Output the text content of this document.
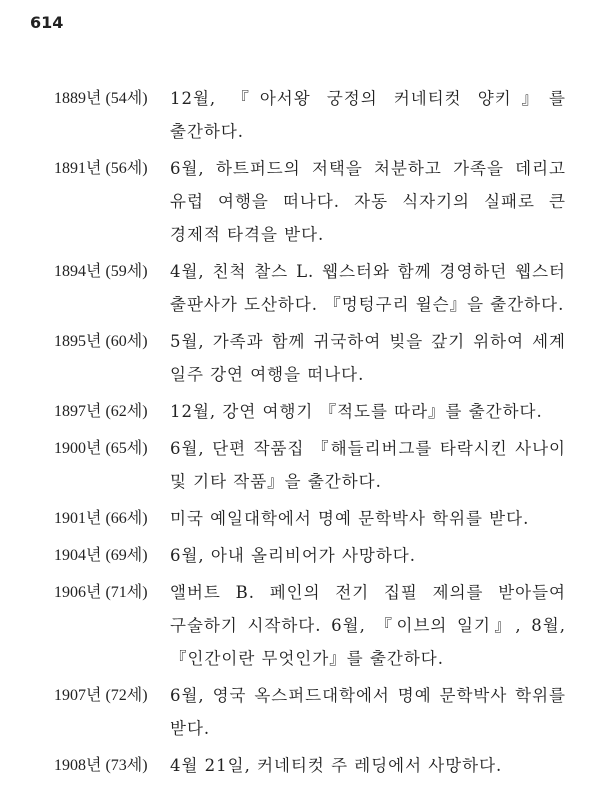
614
1889년 (54세)	12월, 『아서왕 궁정의 커네티컷 양키』를 출간하다.
1891년 (56세)	6월, 하트퍼드의 저택을 처분하고 가족을 데리고 유럽 여행을 떠나다. 자동 식자기의 실패로 큰 경제적 타격을 받다.
1894년 (59세)	4월, 친척 찰스 L. 웹스터와 함께 경영하던 웹스터 출판사가 도산하다. 『멍텅구리 윌슨』을 출간하다.
1895년 (60세)	5월, 가족과 함께 귀국하여 빚을 갚기 위하여 세계 일주 강연 여행을 떠나다.
1897년 (62세)	12월, 강연 여행기 『적도를 따라』를 출간하다.
1900년 (65세)	6월, 단편 작품집 『해들리버그를 타락시킨 사나이 및 기타 작품』을 출간하다.
1901년 (66세)	미국 예일대학에서 명예 문학박사 학위를 받다.
1904년 (69세)	6월, 아내 올리비어가 사망하다.
1906년 (71세)	앨버트 B. 페인의 전기 집필 제의를 받아들여 구술하기 시작하다. 6월, 『이브의 일기』, 8월, 『인간이란 무엇인가』를 출간하다.
1907년 (72세)	6월, 영국 옥스퍼드대학에서 명예 문학박사 학위를 받다.
1908년 (73세)	4월 21일, 커네티컷 주 레딩에서 사망하다.
